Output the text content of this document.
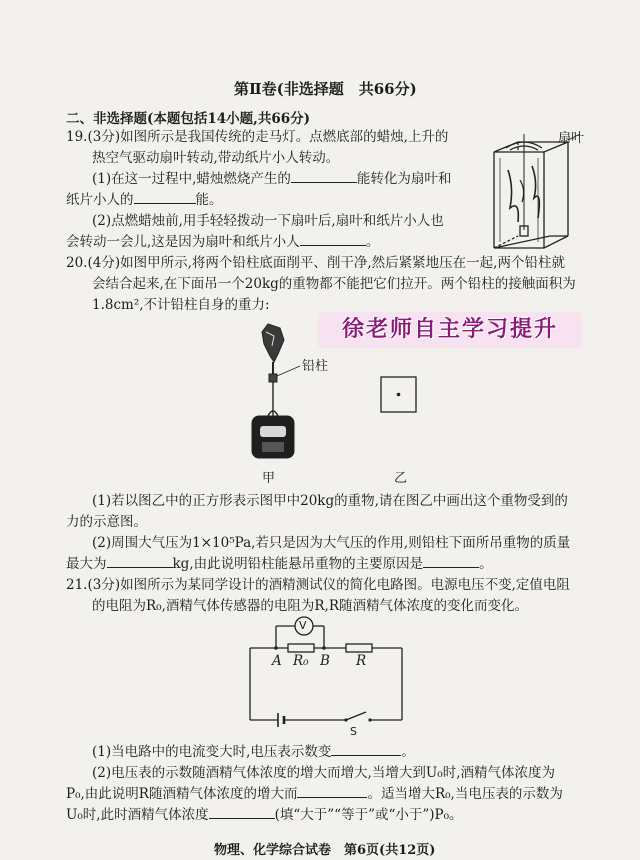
第Ⅱ卷(非选择题　共66分)
二、非选择题(本题包括14小题,共66分)
19.(3分)如图所示是我国传统的走马灯。点燃底部的蜡烛,上升的
热空气驱动扇叶转动,带动纸片小人转动。
(1)在这一过程中,蜡烛燃烧产生的	能转化为扇叶和
纸片小人的	能。
(2)点燃蜡烛前,用手轻轻拨动一下扇叶后,扇叶和纸片小人也
会转动一会儿,这是因为扇叶和纸片小人	。
扇叶
20.(4分)如图甲所示,将两个铅柱底面削平、削干净,然后紧紧地压在一起,两个铅柱就
会结合起来,在下面吊一个20kg的重物都不能把它们拉开。两个铅柱的接触面积为
1.8cm²,不计铅柱自身的重力:
徐老师自主学习提升
铅柱
甲	乙
(1)若以图乙中的正方形表示图甲中20kg的重物,请在图乙中画出这个重物受到的
力的示意图。
(2)周围大气压为1×10⁵Pa,若只是因为大气压的作用,则铅柱下面所吊重物的质量
最大为	kg,由此说明铅柱能悬吊重物的主要原因是	。
21.(3分)如图所示为某同学设计的酒精测试仪的简化电路图。电源电压不变,定值电阻
的电阻为R₀,酒精气体传感器的电阻为R,R随酒精气体浓度的变化而变化。
V
A R₀ B R
S
(1)当电路中的电流变大时,电压表示数变	。
(2)电压表的示数随酒精气体浓度的增大而增大,当增大到U₀时,酒精气体浓度为
P₀,由此说明R随酒精气体浓度的增大而	。适当增大R₀,当电压表的示数为
U₀时,此时酒精气体浓度	(填“大于”“等于”或“小于”)P₀。
物理、化学综合试卷　第6页(共12页)
